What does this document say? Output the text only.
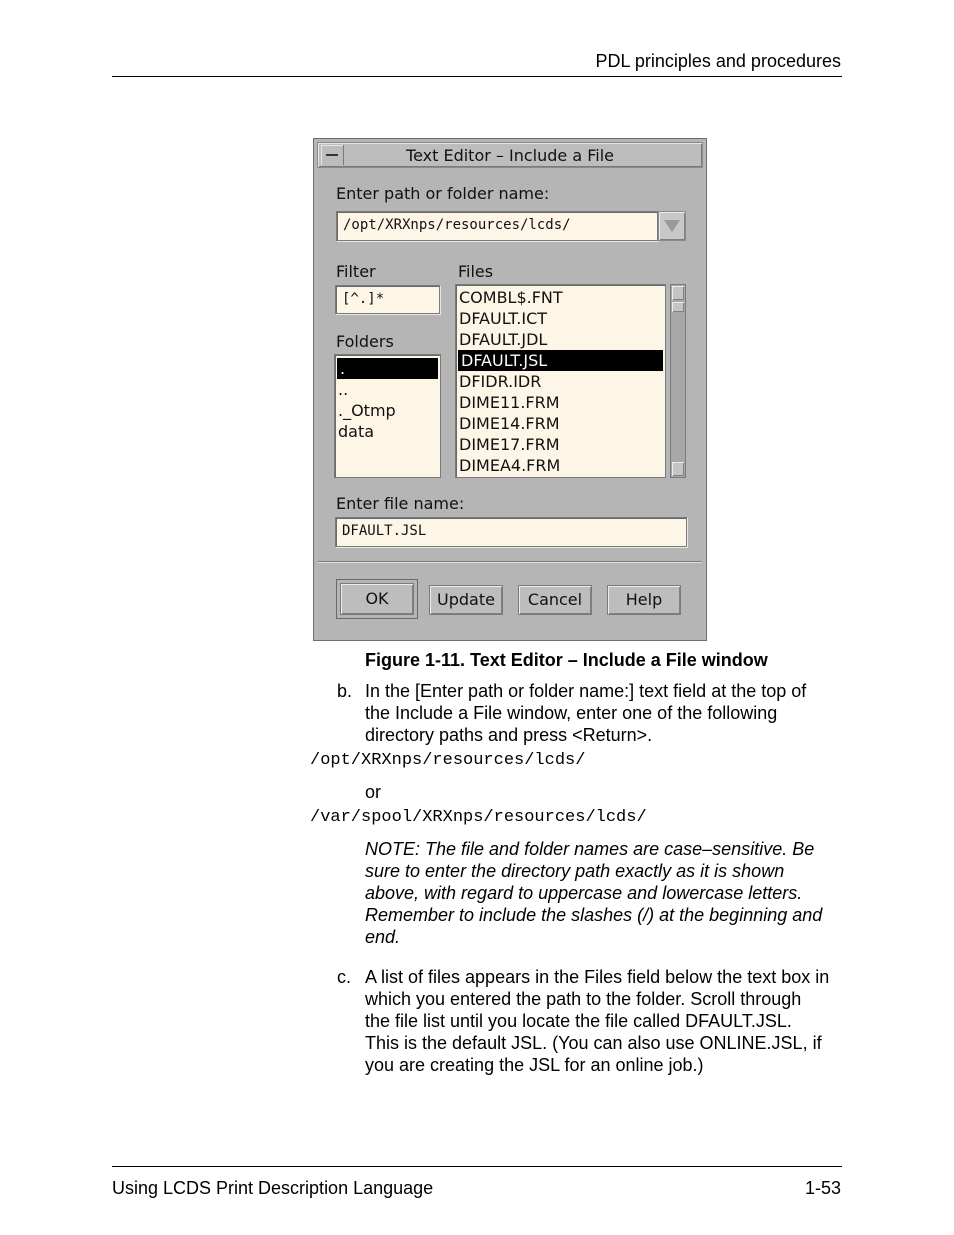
PDL principles and procedures
Text Editor – Include a File
Enter path or folder name:
/opt/XRXnps/resources/lcds/
Filter
[^.]*
Files
COMBL$.FNT
DFAULT.ICT
DFAULT.JDL
DFAULT.JSL
DFIDR.IDR
DIME11.FRM
DIME14.FRM
DIME17.FRM
DIMEA4.FRM
Folders
.
..
._Otmp
data
Enter file name:
DFAULT.JSL
OK	Update	Cancel	Help
Figure 1-11. Text Editor – Include a File window
b. In the [Enter path or folder name:] text field at the top of
the Include a File window, enter one of the following
directory paths and press <Return>.
/opt/XRXnps/resources/lcds/
or
/var/spool/XRXnps/resources/lcds/
NOTE: The file and folder names are case–sensitive. Be
sure to enter the directory path exactly as it is shown
above, with regard to uppercase and lowercase letters.
Remember to include the slashes (/) at the beginning and
end.
c. A list of files appears in the Files field below the text box in
which you entered the path to the folder. Scroll through
the file list until you locate the file called DFAULT.JSL.
This is the default JSL. (You can also use ONLINE.JSL, if
you are creating the JSL for an online job.)
Using LCDS Print Description Language	1-53
